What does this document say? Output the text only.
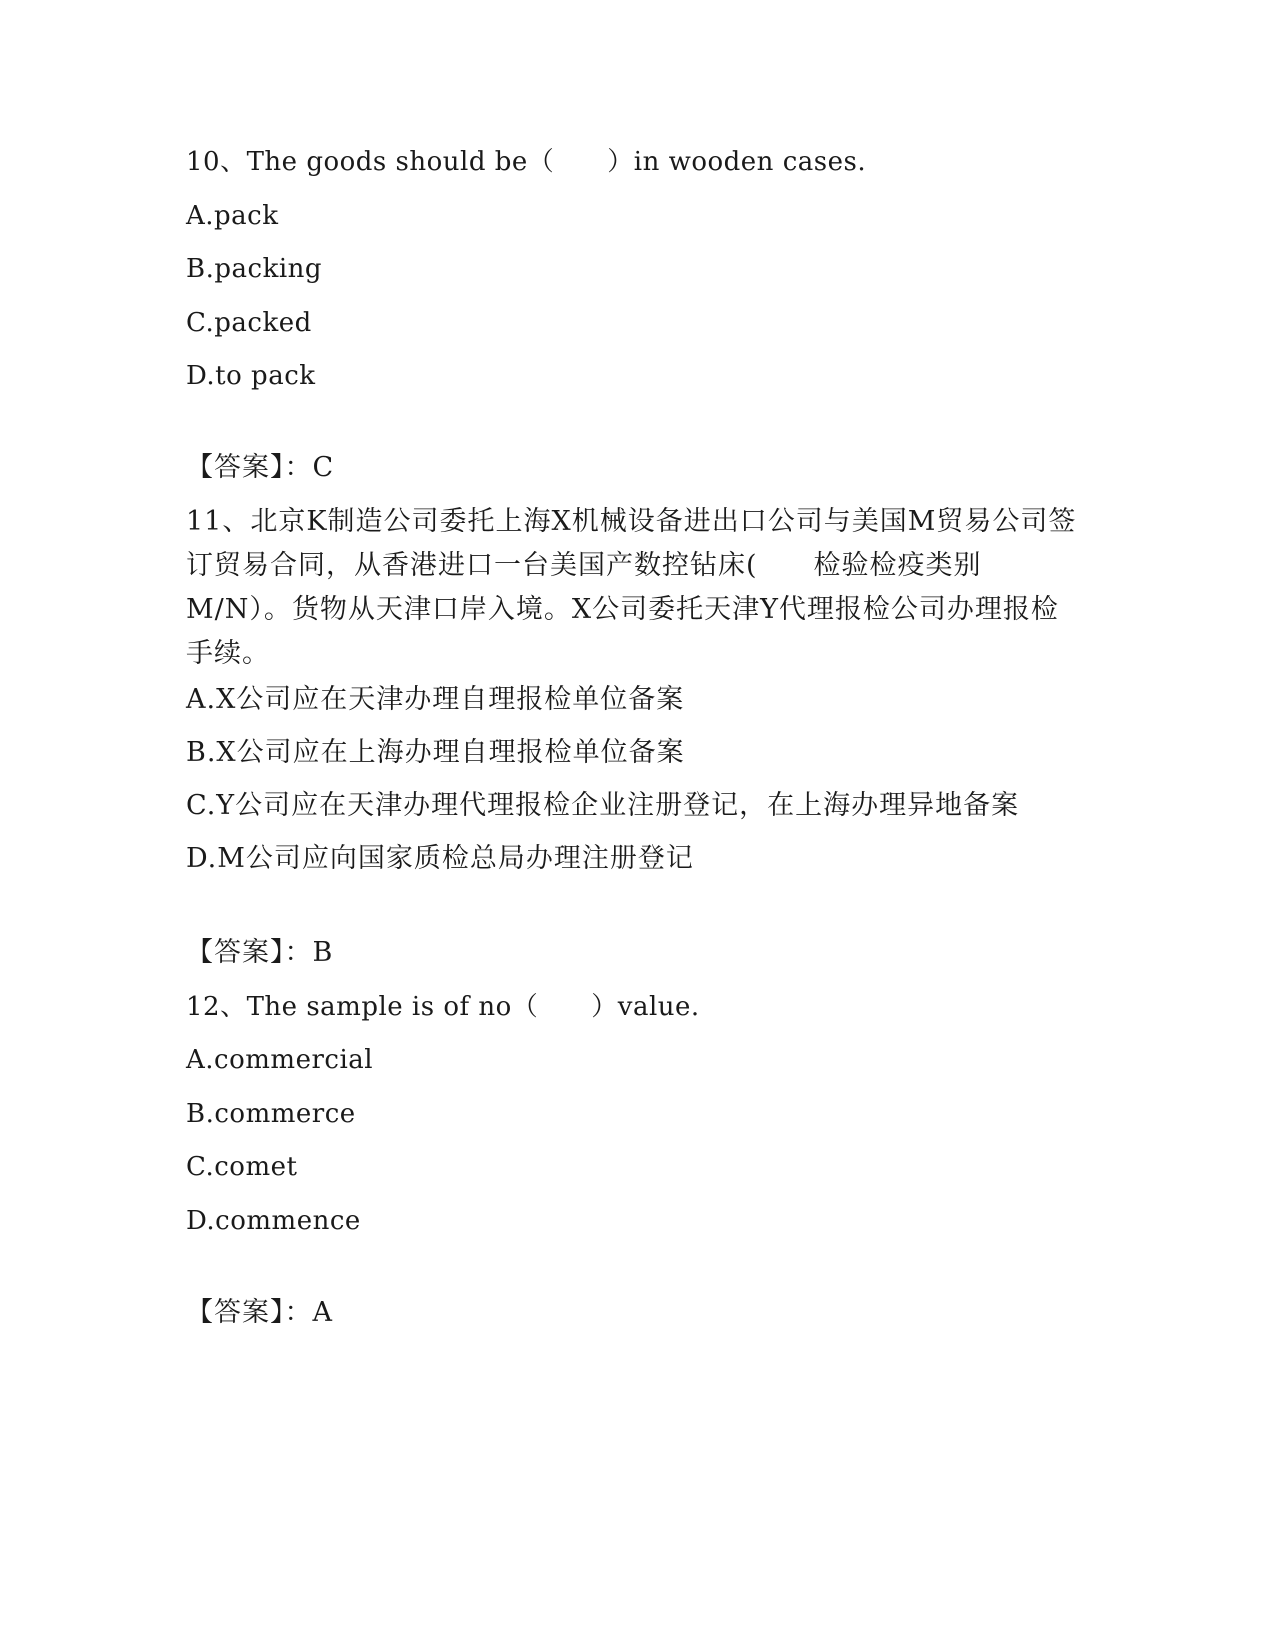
10、The goods should be（　　）in wooden cases.
A.pack
B.packing
C.packed
D.to pack
【答案】：C
11、北京K制造公司委托上海X机械设备进出口公司与美国M贸易公司签订贸易合同，从香港进口一台美国产数控钻床(　　检验检疫类别M/N）。货物从天津口岸入境。X公司委托天津Y代理报检公司办理报检手续。
A.X公司应在天津办理自理报检单位备案
B.X公司应在上海办理自理报检单位备案
C.Y公司应在天津办理代理报检企业注册登记，在上海办理异地备案
D.M公司应向国家质检总局办理注册登记
【答案】：B
12、The sample is of no（　　）value.
A.commercial
B.commerce
C.comet
D.commence
【答案】：A
